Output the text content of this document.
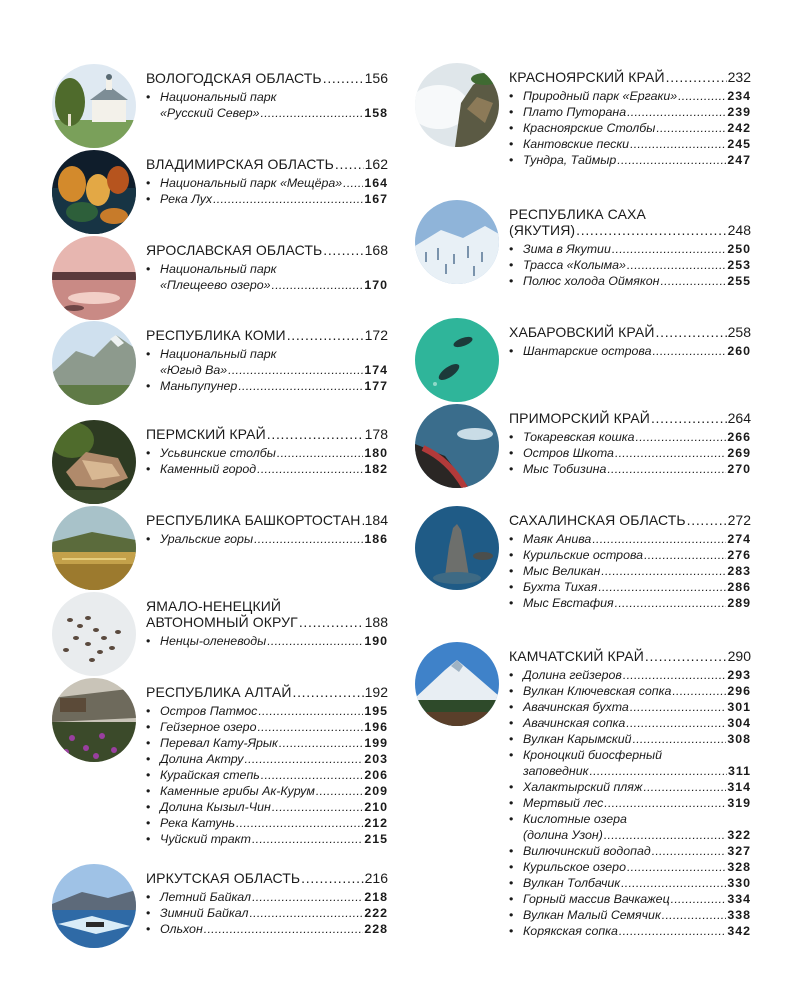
ВОЛОГОДСКАЯ ОБЛАСТЬ . . .	156
• Национальный парк
«Русский Север» . . .	158
ВЛАДИМИРСКАЯ ОБЛАСТЬ . . . 162
• Национальный парк «Мещёра» . . . 164
• Река Лух . . .	167
ЯРОСЛАВСКАЯ ОБЛАСТЬ . . .	168
• Национальный парк
«Плещеево озеро» . . .	170
РЕСПУБЛИКА КОМИ . . .	172
• Национальный парк
«Югыд Ва» . . .	174
• Маньпупунер . . .	177
ПЕРМСКИЙ КРАЙ . . .	178
• Усьвинские столбы . . .	180
• Каменный город . . .	182
РЕСПУБЛИКА БАШКОРТОСТАН . . . 184
• Уральские горы . . .	186
ЯМАЛО-НЕНЕЦКИЙ
АВТОНОМНЫЙ ОКРУГ . . .	188
• Ненцы-оленеводы . . .	190
РЕСПУБЛИКА АЛТАЙ . . .	192
• Остров Патмос . . .	195
• Гейзерное озеро . . .	196
• Перевал Кату-Ярык . . .	199
• Долина Актру . . .	203
• Курайская степь . . .	206
• Каменные грибы Ак-Курум . . .	209
• Долина Кызыл-Чин . . .	210
• Река Катунь . . .	212
• Чуйский тракт . . .	215
ИРКУТСКАЯ ОБЛАСТЬ . . .	216
• Летний Байкал . . .	218
• Зимний Байкал . . .	222
• Ольхон . . .	228
КРАСНОЯРСКИЙ КРАЙ . . .	232
• Природный парк «Ергаки» . . .	234
• Плато Путорана . . .	239
• Красноярские Столбы . . .	242
• Кантовские пески . . .	245
• Тундра, Таймыр . . .	247
РЕСПУБЛИКА САХА
(ЯКУТИЯ) . . .	248
• Зима в Якутии . . .	250
• Трасса «Колыма» . . .	253
• Полюс холода Оймякон . . .	255
ХАБАРОВСКИЙ КРАЙ . . .	258
• Шантарские острова . . .	260
ПРИМОРСКИЙ КРАЙ . . .	264
• Токаревская кошка . . .	266
• Остров Шкота . . .	269
• Мыс Тобизина . . .	270
САХАЛИНСКАЯ ОБЛАСТЬ . . .	272
• Маяк Анива . . .	274
• Курильские острова . . .	276
• Мыс Великан . . .	283
• Бухта Тихая . . .	286
• Мыс Евстафия . . .	289
КАМЧАТСКИЙ КРАЙ . . .	290
• Долина гейзеров . . .	293
• Вулкан Ключевская сопка . . .	296
• Авачинская бухта . . .	301
• Авачинская сопка . . .	304
• Вулкан Карымский . . .	308
• Кроноцкий биосферный
заповедник . . .	311
• Халактырский пляж . . .	314
• Мертвый лес . . .	319
• Кислотные озера
(долина Узон) . . .	322
• Вилючинский водопад . . .	327
• Курильское озеро . . .	328
• Вулкан Толбачик . . .	330
• Горный массив Вачкажец . . .	334
• Вулкан Малый Семячик . . .	338
• Корякская сопка . . .	342
